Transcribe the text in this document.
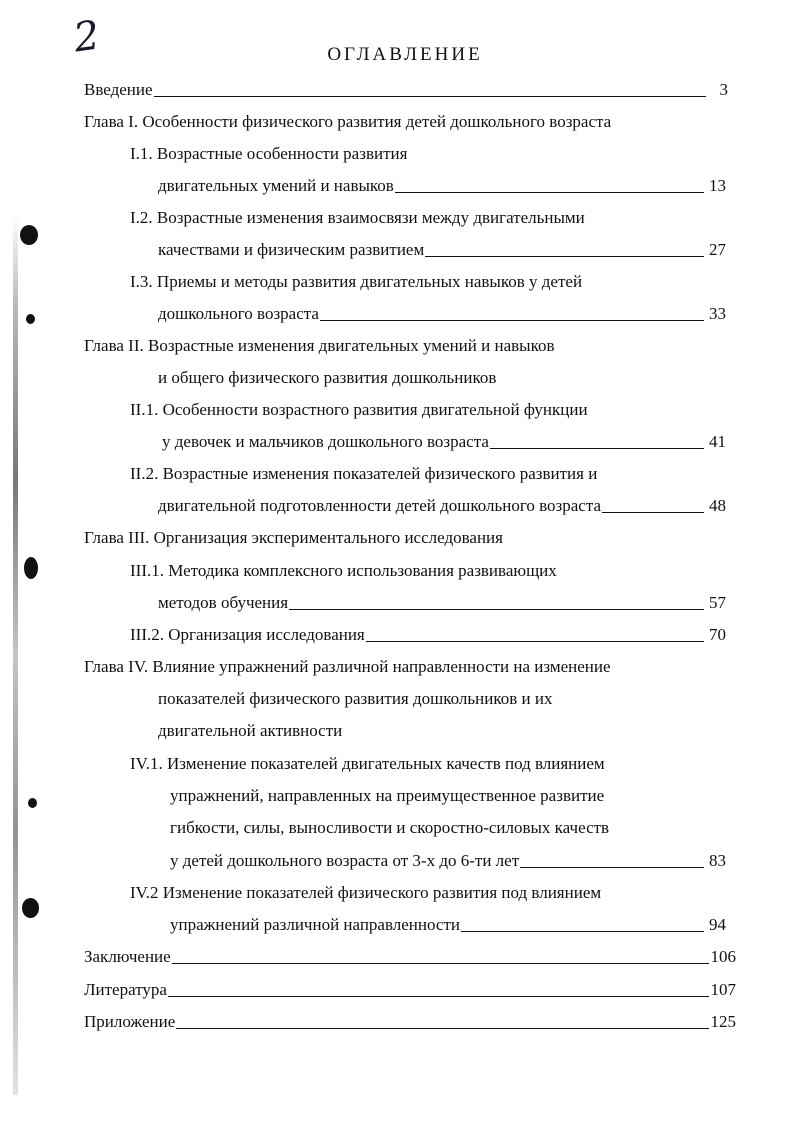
2	ОГЛАВЛЕНИЕ
Введение	3
Глава I. Особенности физического развития детей дошкольного возраста
I.1. Возрастные особенности развития
двигательных умений и навыков	13
I.2. Возрастные изменения взаимосвязи между двигательными
качествами и физическим развитием	27
I.3. Приемы и методы развития двигательных навыков у детей
дошкольного возраста	33
Глава II. Возрастные изменения двигательных умений и навыков
и общего физического развития дошкольников
II.1. Особенности возрастного развития двигательной функции
у девочек и мальчиков дошкольного возраста	41
II.2. Возрастные изменения показателей физического развития и
двигательной подготовленности детей дошкольного возраста	48
Глава III. Организация экспериментального исследования
III.1. Методика комплексного использования развивающих
методов обучения	57
III.2. Организация исследования	70
Глава IV. Влияние упражнений различной направленности на изменение
показателей физического развития дошкольников и их
двигательной активности
IV.1. Изменение показателей двигательных качеств под влиянием
упражнений, направленных на преимущественное развитие
гибкости, силы, выносливости и скоростно-силовых качеств
у детей дошкольного возраста от 3-х до 6-ти лет	83
IV.2 Изменение показателей физического развития под влиянием
упражнений различной направленности	94
Заключение	106
Литература	107
Приложение	125
